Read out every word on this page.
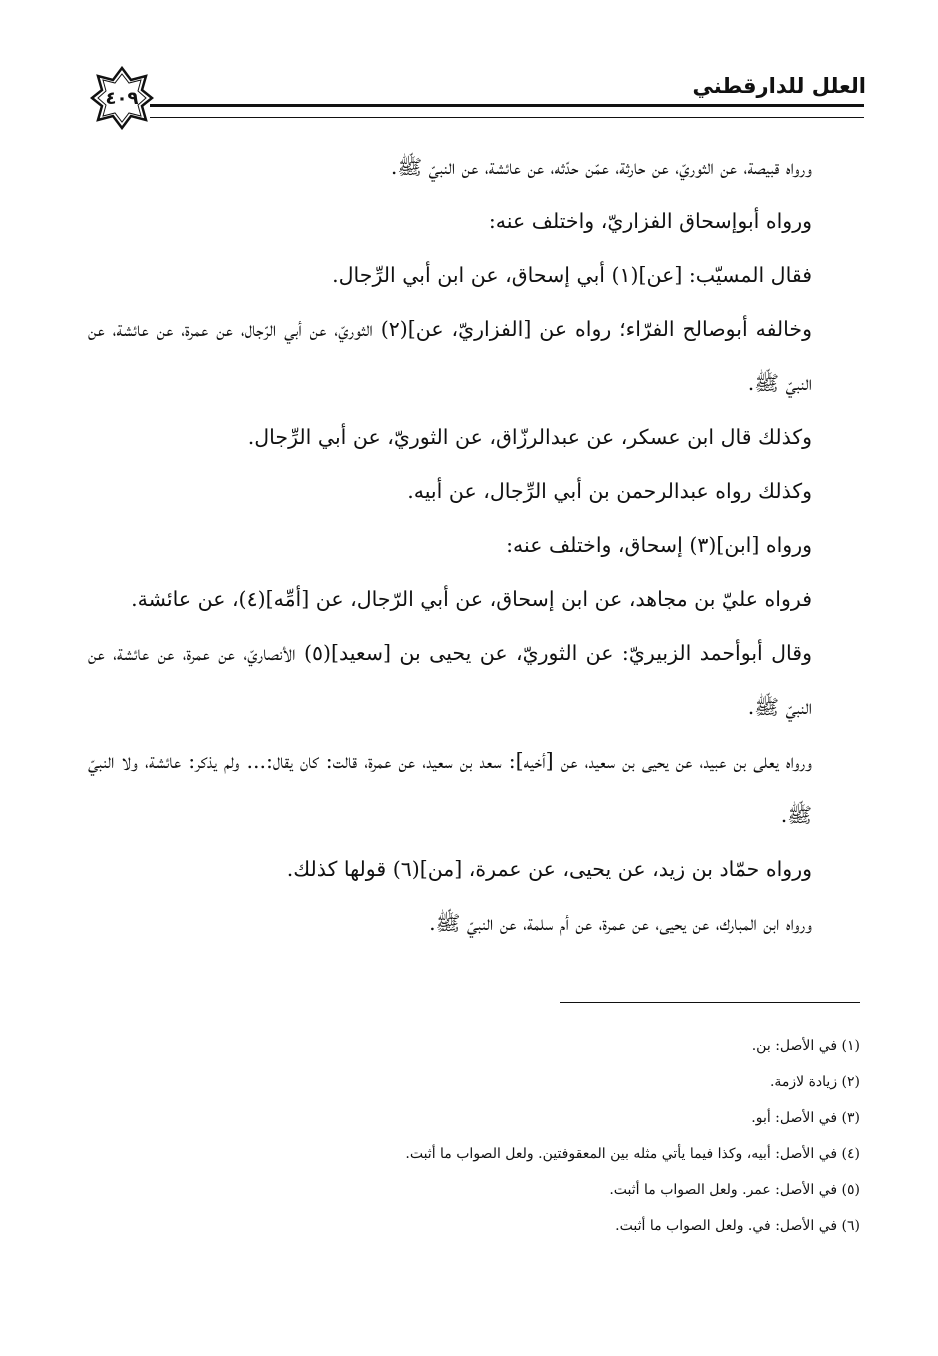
العلل للدارقطني
٤٠٩

ورواه قبيصة، عن الثوريّ، عن حارثة، عمّن حدّثه، عن عائشة، عن النبيّ ﷺ.

ورواه أبوإسحاق الفزاريّ، واختلف عنه:

فقال المسيّب: [عن](١) أبي إسحاق، عن ابن أبي الرِّجال.

وخالفه أبوصالح الفرّاء؛ رواه عن [الفزاريّ، عن](٢) الثوريّ، عن أبي الرّجال، عن عمرة، عن عائشة، عن النبيّ ﷺ.

وكذلك قال ابن عسكر، عن عبدالرزّاق، عن الثوريّ، عن أبي الرِّجال.

وكذلك رواه عبدالرحمن بن أبي الرِّجال، عن أبيه.

ورواه [ابن](٣) إسحاق، واختلف عنه:

فرواه عليّ بن مجاهد، عن ابن إسحاق، عن أبي الرّجال، عن [أمِّه](٤)، عن عائشة.

وقال أبوأحمد الزبيريّ: عن الثوريّ، عن يحيى بن [سعيد](٥) الأنصاريّ، عن عمرة، عن عائشة، عن النبيّ ﷺ.

ورواه يعلى بن عبيد، عن يحيى بن سعيد، عن [أخيه]: سعد بن سعيد، عن عمرة، قالت: كان يقال:... ولم يذكر: عائشة، ولا النبيّ ﷺ.

ورواه حمّاد بن زيد، عن يحيى، عن عمرة، [من](٦) قولها كذلك.

ورواه ابن المبارك، عن يحيى، عن عمرة، عن أم سلمة، عن النبيّ ﷺ.

(١) في الأصل: بن.

(٢) زيادة لازمة.

(٣) في الأصل: أبو.

(٤) في الأصل: أبيه، وكذا فيما يأتي مثله بين المعقوفتين. ولعل الصواب ما أثبت.

(٥) في الأصل: عمر. ولعل الصواب ما أثبت.

(٦) في الأصل: في. ولعل الصواب ما أثبت.
